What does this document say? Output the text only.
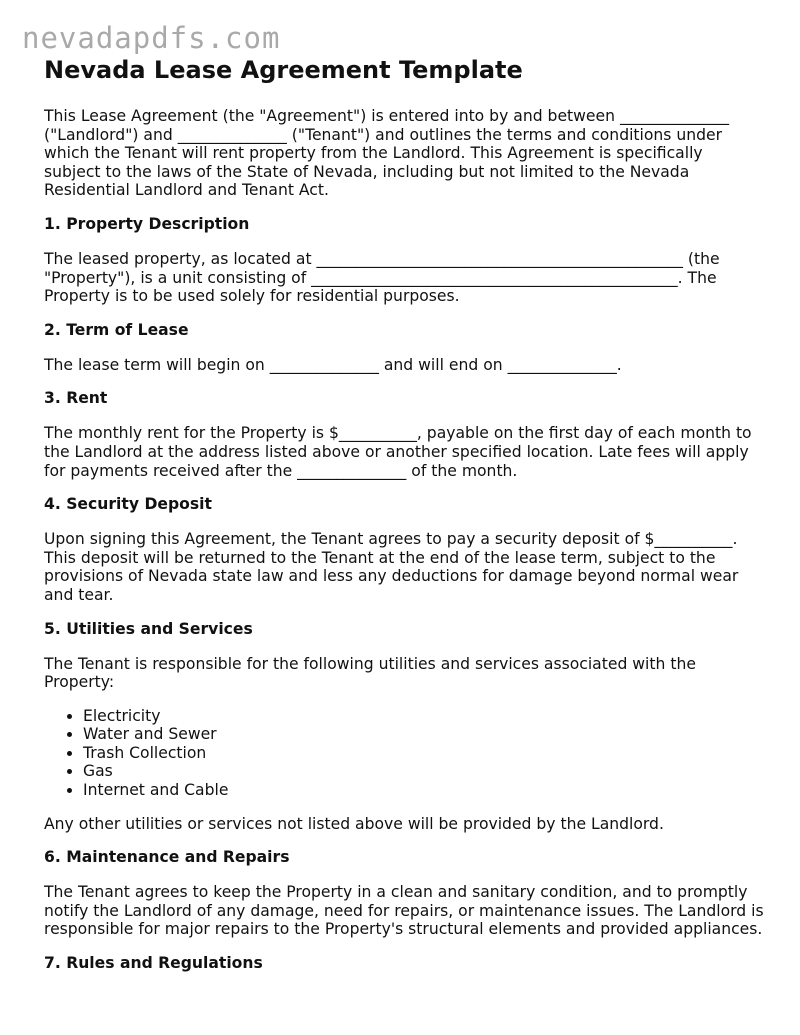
nevadapdfs.com
Nevada Lease Agreement Template

This Lease Agreement (the "Agreement") is entered into by and between ______________ ("Landlord") and ______________ ("Tenant") and outlines the terms and conditions under which the Tenant will rent property from the Landlord. This Agreement is specifically subject to the laws of the State of Nevada, including but not limited to the Nevada Residential Landlord and Tenant Act.

1. Property Description

The leased property, as located at _______________________________________________ (the "Property"), is a unit consisting of _______________________________________________. The Property is to be used solely for residential purposes.

2. Term of Lease

The lease term will begin on ______________ and will end on ______________.

3. Rent

The monthly rent for the Property is $__________, payable on the first day of each month to the Landlord at the address listed above or another specified location. Late fees will apply for payments received after the ______________ of the month.

4. Security Deposit

Upon signing this Agreement, the Tenant agrees to pay a security deposit of $__________. This deposit will be returned to the Tenant at the end of the lease term, subject to the provisions of Nevada state law and less any deductions for damage beyond normal wear and tear.

5. Utilities and Services

The Tenant is responsible for the following utilities and services associated with the Property:

• Electricity
• Water and Sewer
• Trash Collection
• Gas
• Internet and Cable

Any other utilities or services not listed above will be provided by the Landlord.

6. Maintenance and Repairs

The Tenant agrees to keep the Property in a clean and sanitary condition, and to promptly notify the Landlord of any damage, need for repairs, or maintenance issues. The Landlord is responsible for major repairs to the Property's structural elements and provided appliances.

7. Rules and Regulations
